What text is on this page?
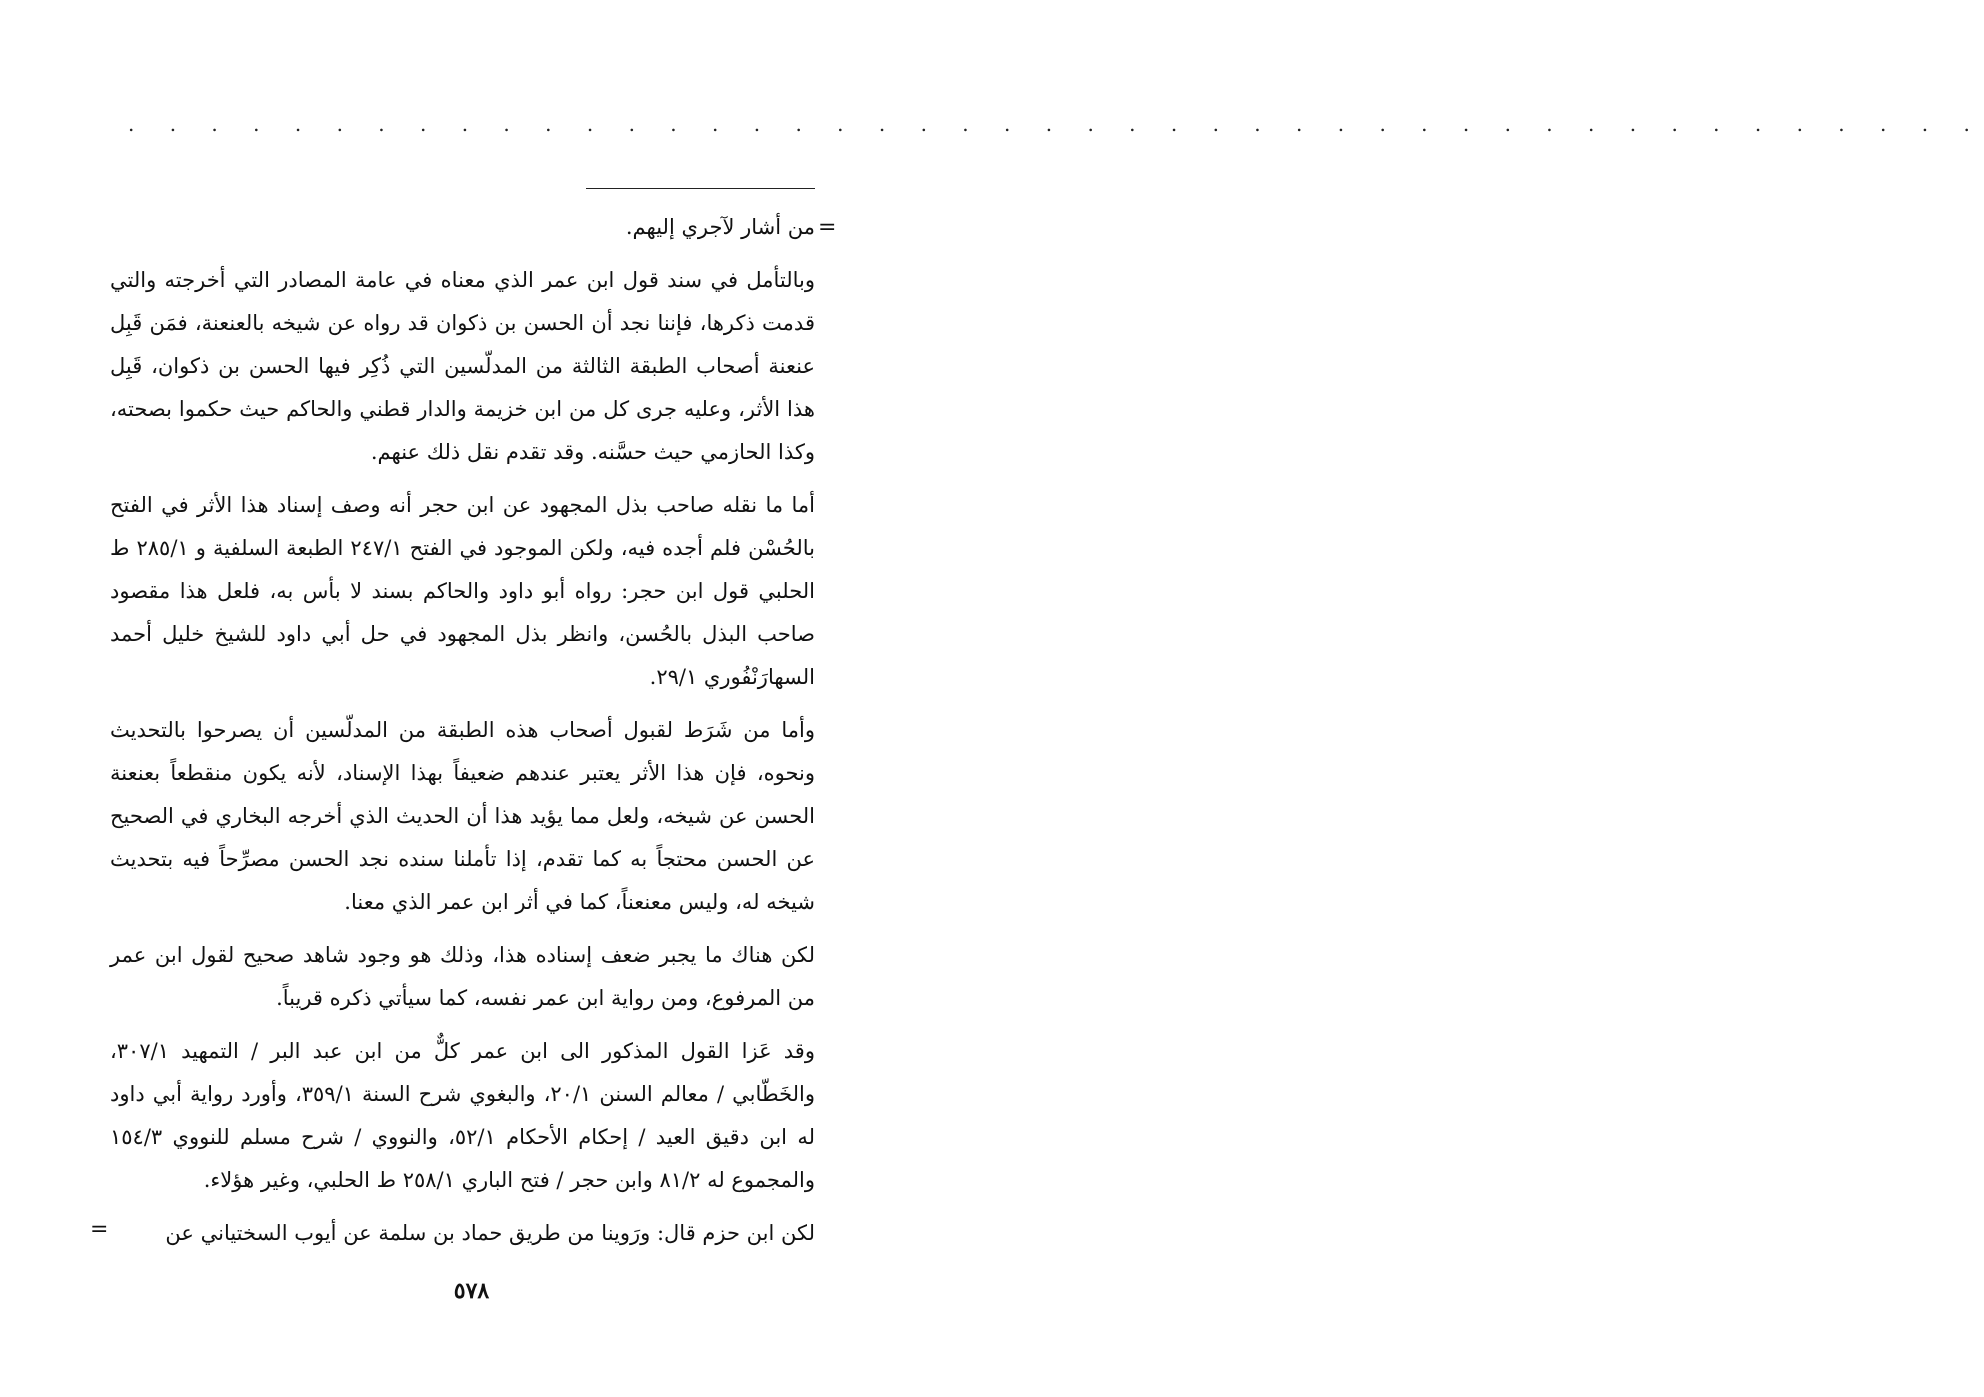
. . . . . . . . . . . . . . . . . . . . . . . . . . . . . . . . . . . . . . . . . . . . .
=

من أشار لآجري إليهم.

وبالتأمل في سند قول ابن عمر الذي معناه في عامة المصادر التي أخرجته والتي قدمت ذكرها، فإننا نجد أن الحسن بن ذكوان قد رواه عن شيخه بالعنعنة، فمَن قَبِل عنعنة أصحاب الطبقة الثالثة من المدلّسين التي ذُكِر فيها الحسن بن ذكوان، قَبِل هذا الأثر، وعليه جرى كل من ابن خزيمة والدار قطني والحاكم حيث حكموا بصحته، وكذا الحازمي حيث حسَّنه. وقد تقدم نقل ذلك عنهم.

أما ما نقله صاحب بذل المجهود عن ابن حجر أنه وصف إسناد هذا الأثر في الفتح بالحُسْن فلم أجده فيه، ولكن الموجود في الفتح ٢٤٧/١ الطبعة السلفية و ٢٨٥/١ ط الحلبي قول ابن حجر: رواه أبو داود والحاكم بسند لا بأس به، فلعل هذا مقصود صاحب البذل بالحُسن، وانظر بذل المجهود في حل أبي داود للشيخ خليل أحمد السهارَنْفُوري ٢٩/١.

وأما من شَرَط لقبول أصحاب هذه الطبقة من المدلّسين أن يصرحوا بالتحديث ونحوه، فإن هذا الأثر يعتبر عندهم ضعيفاً بهذا الإسناد، لأنه يكون منقطعاً بعنعنة الحسن عن شيخه، ولعل مما يؤيد هذا أن الحديث الذي أخرجه البخاري في الصحيح عن الحسن محتجاً به كما تقدم، إذا تأملنا سنده نجد الحسن مصرِّحاً فيه بتحديث شيخه له، وليس معنعناً، كما في أثر ابن عمر الذي معنا.

لكن هناك ما يجبر ضعف إسناده هذا، وذلك هو وجود شاهد صحيح لقول ابن عمر من المرفوع، ومن رواية ابن عمر نفسه، كما سيأتي ذكره قريباً.

وقد عَزا القول المذكور الى ابن عمر كلٌّ من ابن عبد البر / التمهيد ٣٠٧/١، والخَطّابي / معالم السنن ٢٠/١، والبغوي شرح السنة ٣٥٩/١، وأورد رواية أبي داود له ابن دقيق العيد / إحكام الأحكام ٥٢/١، والنووي / شرح مسلم للنووي ١٥٤/٣ والمجموع له ٨١/٢ وابن حجر / فتح الباري ٢٥٨/١ ط الحلبي، وغير هؤلاء.

لكن ابن حزم قال: ورَوينا من طريق حماد بن سلمة عن أيوب السختياني عن

=
٥٧٨
